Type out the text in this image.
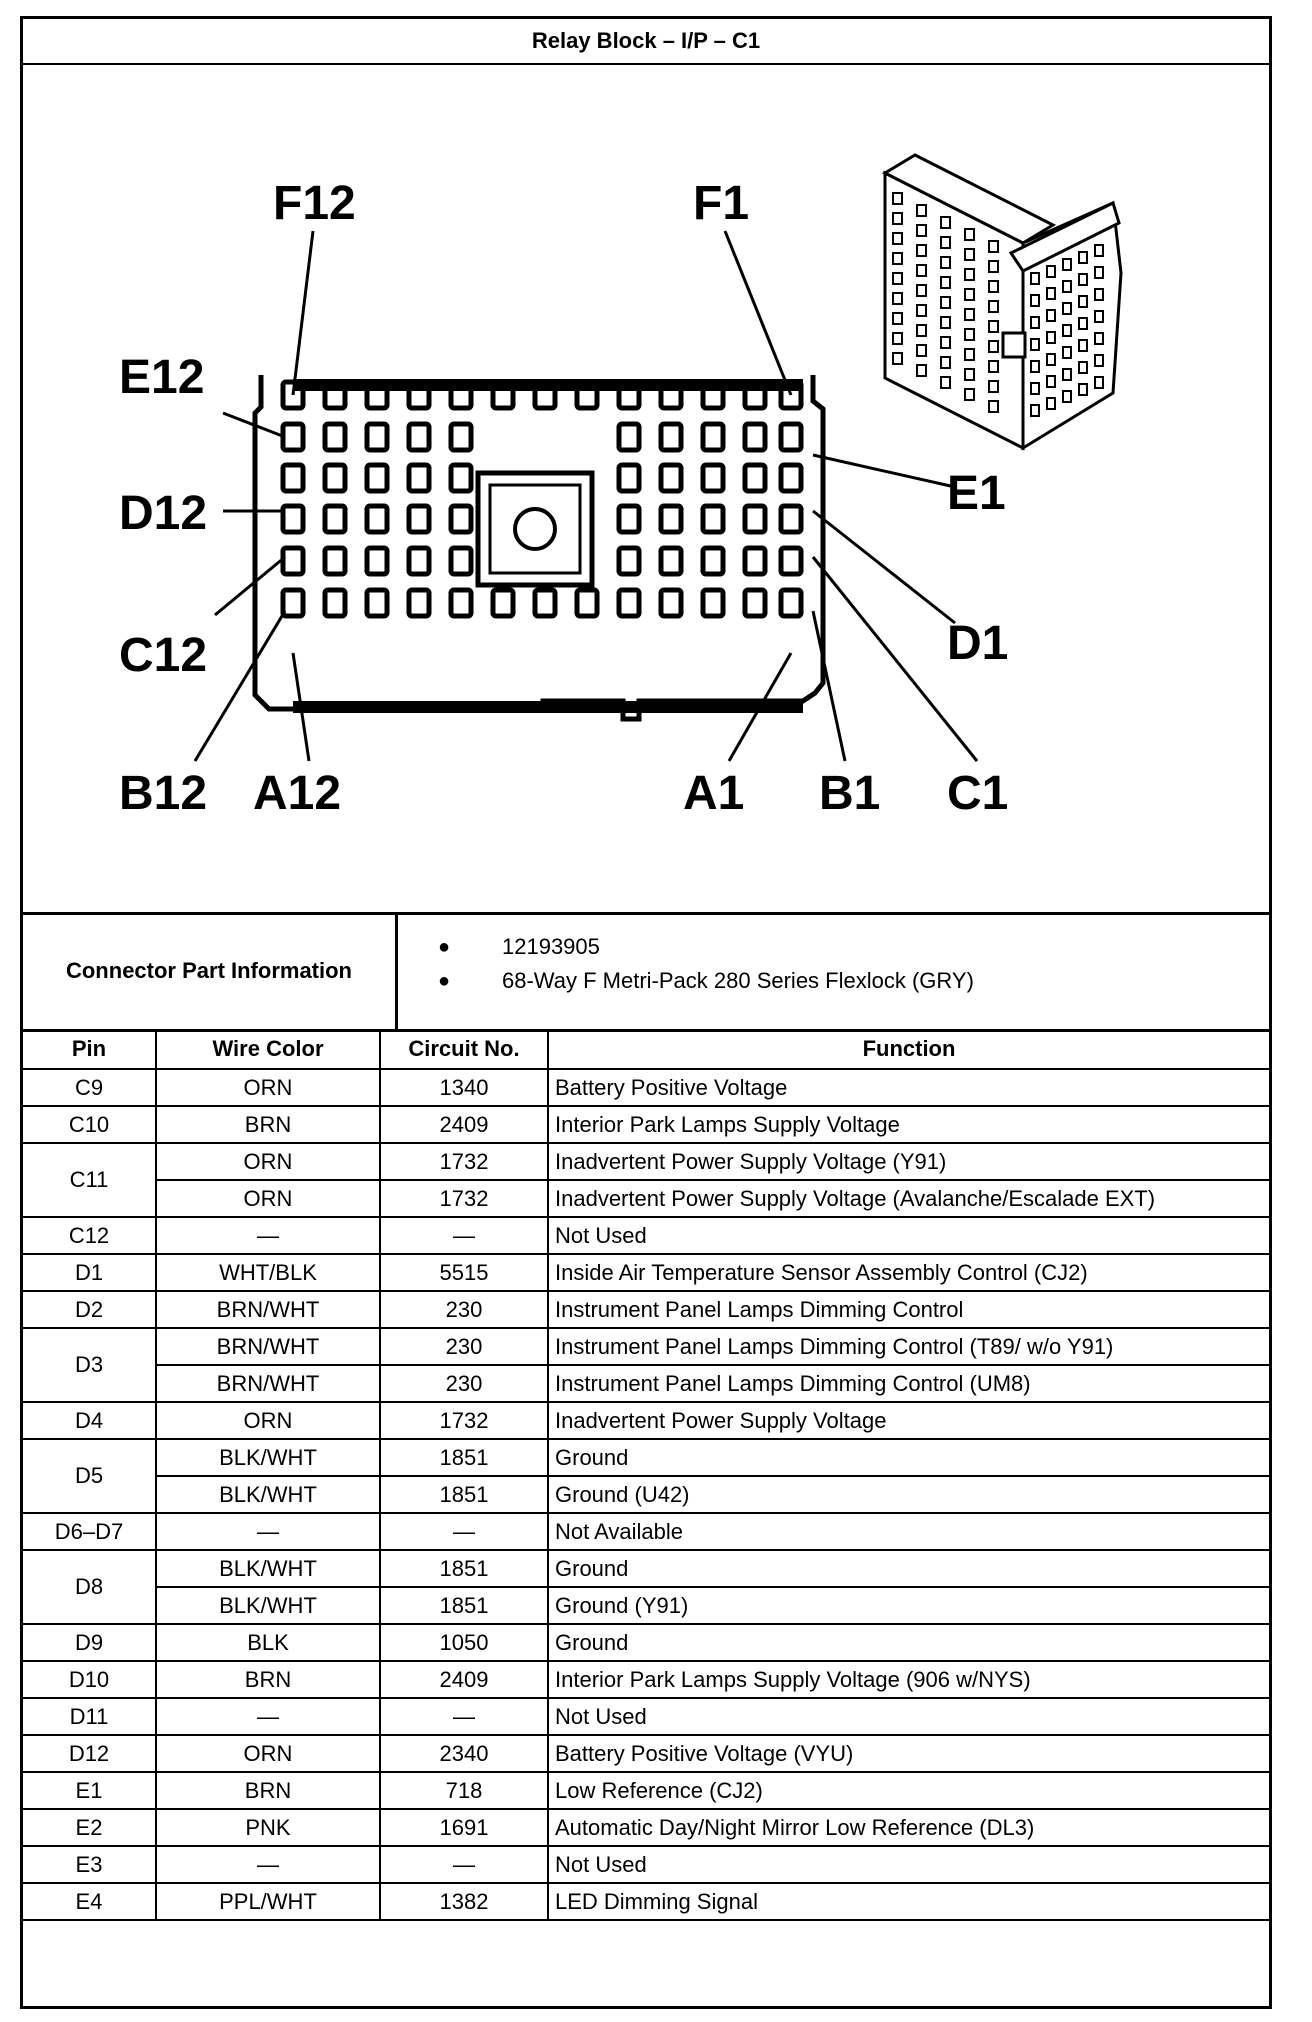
Relay Block – I/P – C1
F12	F1
E12
E1
D12
D1
C12
C1
B12 A12	A1 B1
Connector Part Information
●	12193905
●	68-Way F Metri-Pack 280 Series Flexlock (GRY)
Pin	Wire Color	Circuit No.	Function
C9	ORN	1340	Battery Positive Voltage
C10	BRN	2409	Interior Park Lamps Supply Voltage
C11	ORN	1732	Inadvertent Power Supply Voltage (Y91)
	ORN	1732	Inadvertent Power Supply Voltage (Avalanche/Escalade EXT)
C12	—	—	Not Used
D1	WHT/BLK	5515	Inside Air Temperature Sensor Assembly Control (CJ2)
D2	BRN/WHT	230	Instrument Panel Lamps Dimming Control
D3	BRN/WHT	230	Instrument Panel Lamps Dimming Control (T89/ w/o Y91)
	BRN/WHT	230	Instrument Panel Lamps Dimming Control (UM8)
D4	ORN	1732	Inadvertent Power Supply Voltage
D5	BLK/WHT	1851	Ground
	BLK/WHT	1851	Ground (U42)
D6–D7	—	—	Not Available
D8	BLK/WHT	1851	Ground
	BLK/WHT	1851	Ground (Y91)
D9	BLK	1050	Ground
D10	BRN	2409	Interior Park Lamps Supply Voltage (906 w/NYS)
D11	—	—	Not Used
D12	ORN	2340	Battery Positive Voltage (VYU)
E1	BRN	718	Low Reference (CJ2)
E2	PNK	1691	Automatic Day/Night Mirror Low Reference (DL3)
E3	—	—	Not Used
E4	PPL/WHT	1382	LED Dimming Signal
